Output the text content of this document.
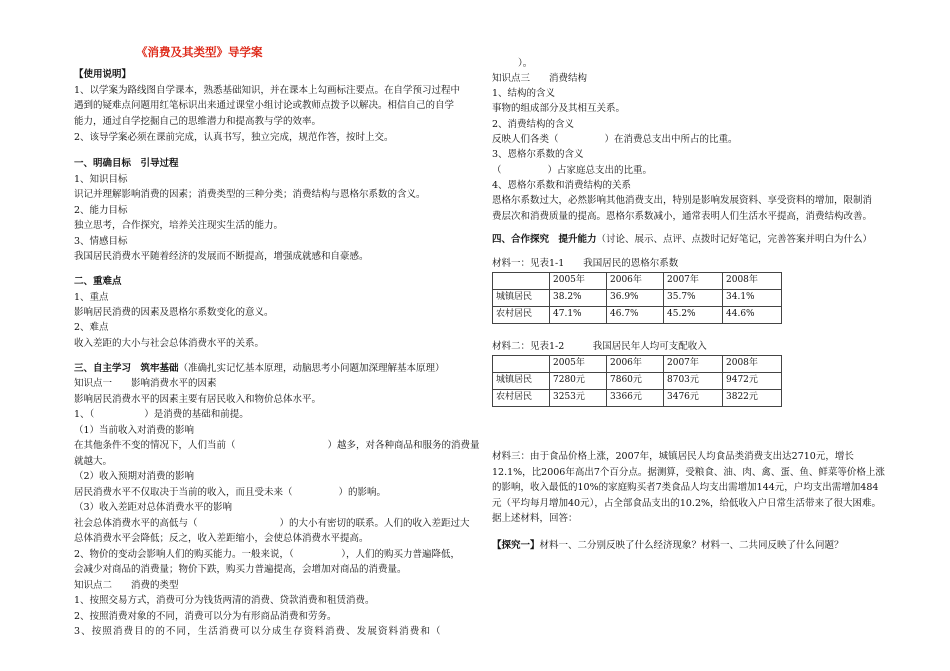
《消费及其类型》导学案

【使用说明】

1、以学案为路线图自学课本，熟悉基础知识，并在课本上勾画标注要点。在自学预习过程中

遇到的疑难点问题用红笔标识出来通过课堂小组讨论或教师点拨予以解决。相信自己的自学

能力，通过自学挖掘自己的思维潜力和提高教与学的效率。

2、该导学案必须在课前完成，认真书写，独立完成，规范作答，按时上交。

一、明确目标　引导过程

1、知识目标

识记并理解影响消费的因素；消费类型的三种分类；消费结构与恩格尔系数的含义。

2、能力目标

独立思考，合作探究，培养关注现实生活的能力。

3、情感目标

我国居民消费水平随着经济的发展而不断提高，增强成就感和自豪感。

二、重难点

1、重点

影响居民消费的因素及恩格尔系数变化的意义。

2、难点

收入差距的大小与社会总体消费水平的关系。

三、自主学习　筑牢基础（准确扎实记忆基本原理，动脑思考小问题加深理解基本原理）

知识点一　　影响消费水平的因素

影响居民消费水平的因素主要有居民收入和物价总体水平。

1、（	）是消费的基础和前提。

（1）当前收入对消费的影响

在其他条件不变的情况下，人们当前（	）越多，对各种商品和服务的消费量

就越大。

（2）收入预期对消费的影响

居民消费水平不仅取决于当前的收入，而且受未来（	）的影响。

（3）收入差距对总体消费水平的影响

社会总体消费水平的高低与（	）的大小有密切的联系。人们的收入差距过大

总体消费水平会降低；反之，收入差距缩小，会使总体消费水平提高。

2、物价的变动会影响人们的购买能力。一般来说，（　　　　　），人们的购买力普遍降低，

会减少对商品的消费量；物价下跌，购买力普遍提高，会增加对商品的消费量。

知识点二　　消费的类型

1、按照交易方式，消费可分为钱货两清的消费、贷款消费和租赁消费。

2、按照消费对象的不同，消费可以分为有形商品消费和劳务。

3、按照消费目的的不同，生活消费可以分成生存资料消费、发展资料消费和（

）。

知识点三　　消费结构

1、结构的含义

事物的组成部分及其相互关系。

2、消费结构的含义

反映人们各类（	）在消费总支出中所占的比重。

3、恩格尔系数的含义

（	）占家庭总支出的比重。

4、恩格尔系数和消费结构的关系

恩格尔系数过大，必然影响其他消费支出，特别是影响发展资料、享受资料的增加，限制消

费层次和消费质量的提高。恩格尔系数减小，通常表明人们生活水平提高，消费结构改善。

四、合作探究　提升能力（讨论、展示、点评、点拨时记好笔记，完善答案并明白为什么）

材料一：见表1-1　　我国居民的恩格尔系数

	2005年	2006年	2007年	2008年
城镇居民	38.2%	36.9%	35.7%	34.1%
农村居民	47.1%	46.7%	45.2%	44.6%

材料二：见表1-2　　　我国居民年人均可支配收入

	2005年	2006年	2007年	2008年
城镇居民	7280元	7860元	8703元	9472元
农村居民	3253元	3366元	3476元	3822元

材料三：由于食品价格上涨，2007年，城镇居民人均食品类消费支出达2710元，增长

12.1%，比2006年高出7个百分点。据测算，受粮食、油、肉、禽、蛋、鱼、鲜菜等价格上涨

的影响，收入最低的10%的家庭购买者7类食品人均支出需增加144元，户均支出需增加484

元（平均每月增加40元），占全部食品支出的10.2%，给低收入户日常生活带来了很大困难。

据上述材料，回答：

【探究一】材料一、二分别反映了什么经济现象？材料一、二共同反映了什么问题？
